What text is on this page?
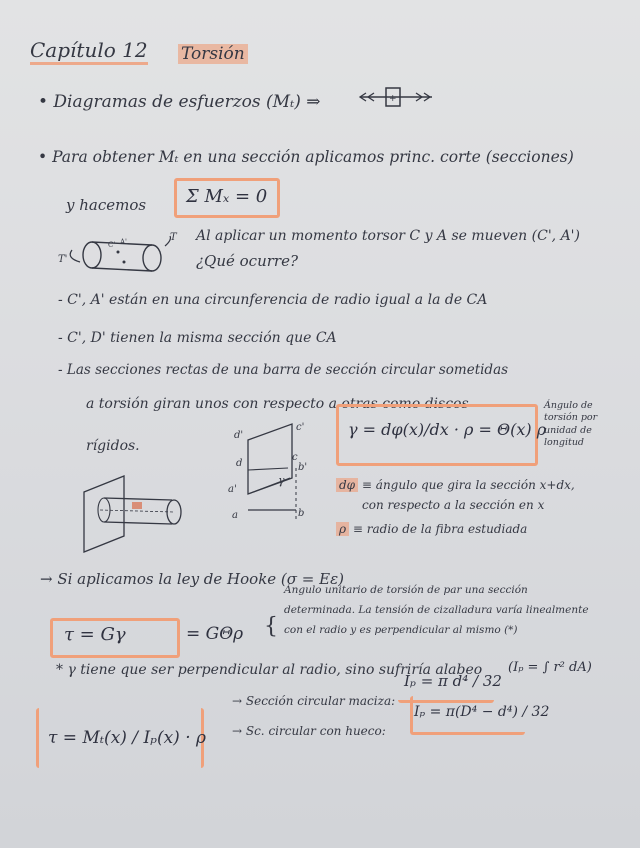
Capítulo 12 Torsión
• Diagramas de esfuerzos (Mₜ) ⇒	+
• Para obtener Mₜ en una sección aplicamos princ. corte (secciones)
y hacemos Σ Mₓ = 0
T'
T
C' A'	Al aplicar un momento torsor C y A se mueven (C', A')
¿Qué ocurre?
- C', A' están en una circunferencia de radio igual a la de CA
- C', D' tienen la misma sección que CA
- Las secciones rectas de una barra de sección circular sometidas
a torsión giran unos con respecto a otras como discos
rígidos.
γ = dφ(x)/dx · ρ = Θ(x) ρ
Ángulo de torsión por unidad de longitud
d'
c'
d
c
b'
a'
a	b
γ	dφ ≡ ángulo que gira la sección x+dx,
con respecto a la sección en x
ρ ≡ radio de la fibra estudiada
→ Si aplicamos la ley de Hooke (σ = Eε)
τ = Gγ	= GΘρ {
Ángulo unitario de torsión de par una sección
determinada. La tensión de cizalladura varía linealmente
con el radio y es perpendicular al mismo (*)
* γ tiene que ser perpendicular al radio, sino sufriría alabeo
→ Sección circular maciza:
Iₚ = π d⁴ / 32
(Iₚ = ∫ r² dA)
→ Sc. circular con hueco:
Iₚ = π(D⁴ − d⁴) / 32
τ = Mₜ(x) / Iₚ(x) · ρ
